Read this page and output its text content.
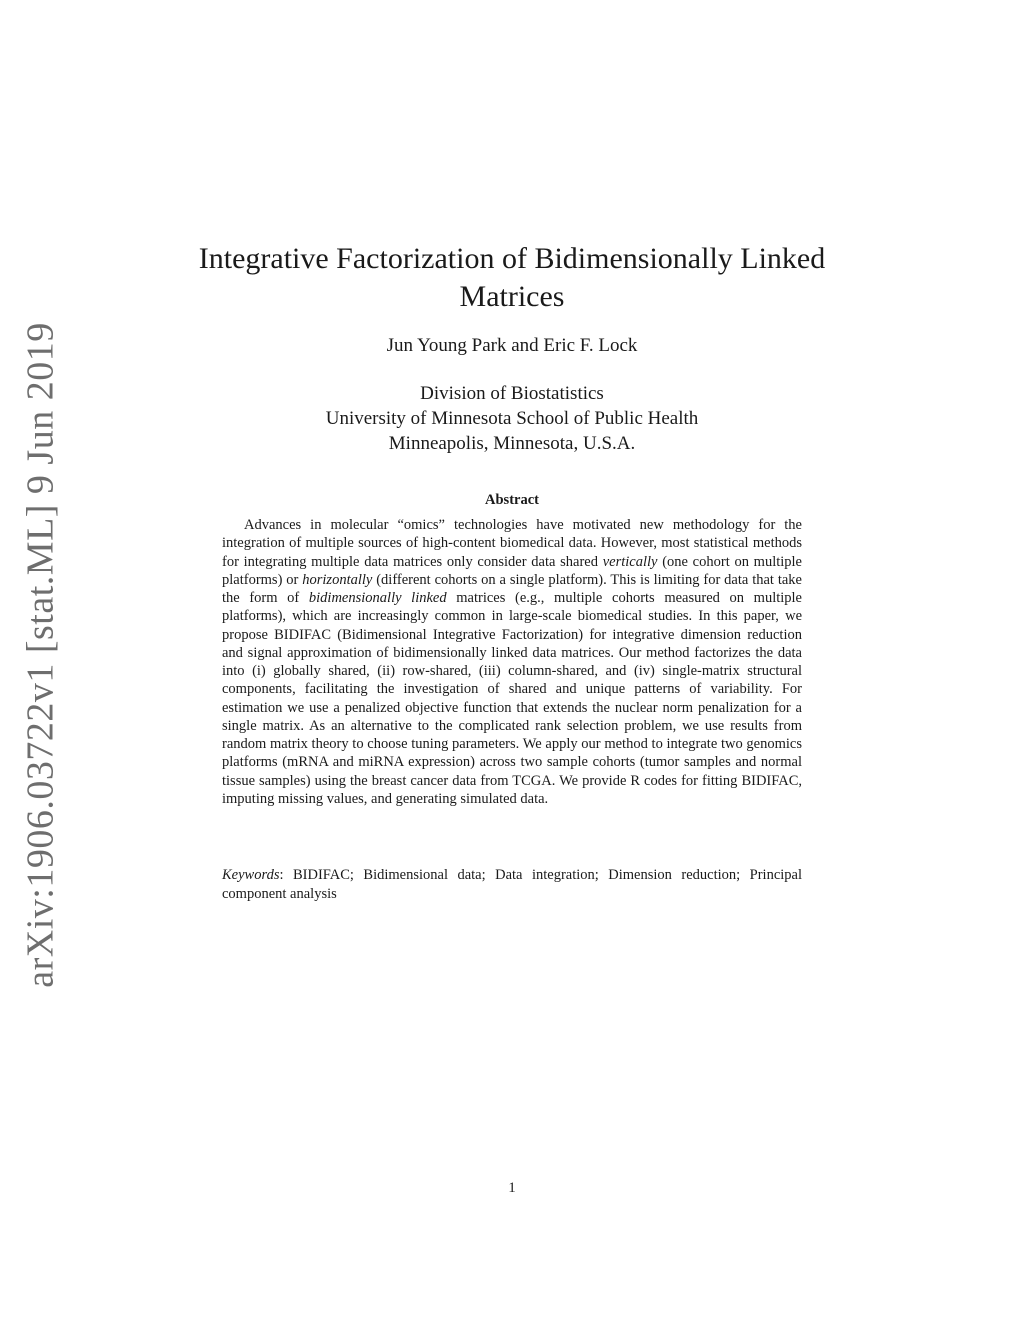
arXiv:1906.03722v1 [stat.ML] 9 Jun 2019
Integrative Factorization of Bidimensionally Linked Matrices
Jun Young Park and Eric F. Lock
Division of Biostatistics
University of Minnesota School of Public Health
Minneapolis, Minnesota, U.S.A.
Abstract

Advances in molecular “omics” technologies have motivated new methodology for the integration of multiple sources of high-content biomedical data. However, most statistical methods for integrating multiple data matrices only consider data shared vertically (one cohort on multiple platforms) or horizontally (different cohorts on a single platform). This is limiting for data that take the form of bidimensionally linked matrices (e.g., multiple cohorts measured on multiple platforms), which are increasingly common in large-scale biomedical studies. In this paper, we propose BIDIFAC (Bidimensional Integrative Factorization) for integrative dimension reduction and signal approximation of bidimensionally linked data matrices. Our method factorizes the data into (i) globally shared, (ii) row-shared, (iii) column-shared, and (iv) single-matrix structural components, facilitating the investigation of shared and unique patterns of variability. For estimation we use a penalized objective function that extends the nuclear norm penalization for a single matrix. As an alternative to the complicated rank selection problem, we use results from random matrix theory to choose tuning parameters. We apply our method to integrate two genomics platforms (mRNA and miRNA expression) across two sample cohorts (tumor samples and normal tissue samples) using the breast cancer data from TCGA. We provide R codes for fitting BIDIFAC, imputing missing values, and generating simulated data.

Keywords: BIDIFAC; Bidimensional data; Data integration; Dimension reduction; Principal component analysis

1
